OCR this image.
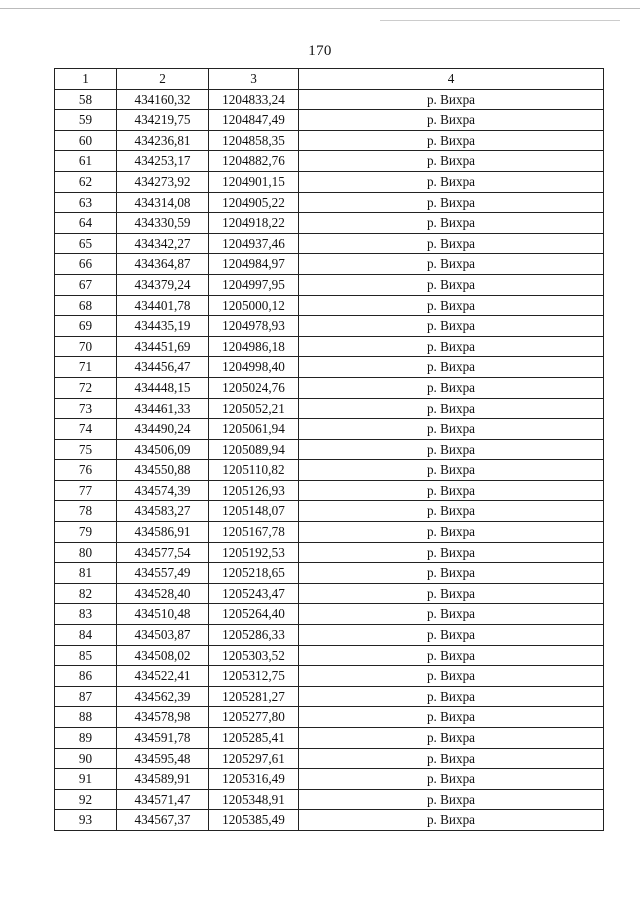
170
1	2	3	4
58	434160,32	1204833,24	р. Вихра
59	434219,75	1204847,49	р. Вихра
60	434236,81	1204858,35	р. Вихра
61	434253,17	1204882,76	р. Вихра
62	434273,92	1204901,15	р. Вихра
63	434314,08	1204905,22	р. Вихра
64	434330,59	1204918,22	р. Вихра
65	434342,27	1204937,46	р. Вихра
66	434364,87	1204984,97	р. Вихра
67	434379,24	1204997,95	р. Вихра
68	434401,78	1205000,12	р. Вихра
69	434435,19	1204978,93	р. Вихра
70	434451,69	1204986,18	р. Вихра
71	434456,47	1204998,40	р. Вихра
72	434448,15	1205024,76	р. Вихра
73	434461,33	1205052,21	р. Вихра
74	434490,24	1205061,94	р. Вихра
75	434506,09	1205089,94	р. Вихра
76	434550,88	1205110,82	р. Вихра
77	434574,39	1205126,93	р. Вихра
78	434583,27	1205148,07	р. Вихра
79	434586,91	1205167,78	р. Вихра
80	434577,54	1205192,53	р. Вихра
81	434557,49	1205218,65	р. Вихра
82	434528,40	1205243,47	р. Вихра
83	434510,48	1205264,40	р. Вихра
84	434503,87	1205286,33	р. Вихра
85	434508,02	1205303,52	р. Вихра
86	434522,41	1205312,75	р. Вихра
87	434562,39	1205281,27	р. Вихра
88	434578,98	1205277,80	р. Вихра
89	434591,78	1205285,41	р. Вихра
90	434595,48	1205297,61	р. Вихра
91	434589,91	1205316,49	р. Вихра
92	434571,47	1205348,91	р. Вихра
93	434567,37	1205385,49	р. Вихра
